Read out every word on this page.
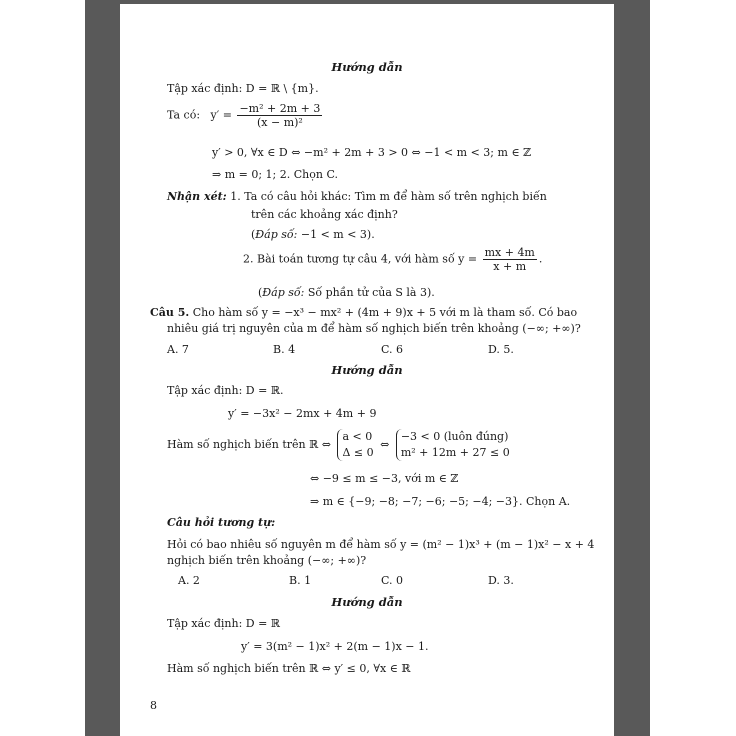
Hướng dẫn
Tập xác định: D = ℝ \ {m}.
Ta có: $y' = \frac{\text{−m² + 2m + 3}}{\text{(x − m)²}}$
y′ > 0, ∀x ∈ D ⇔ −m² + 2m + 3 > 0 ⇔ −1 < m < 3; m ∈ ℤ
⇒ m = 0; 1; 2. Chọn C.
Nhận xét: 1. Ta có câu hỏi khác: Tìm m để hàm số trên nghịch biến
trên các khoảng xác định?
(Đáp số: −1 < m < 3).
2. Bài toán tương tự câu 4, với hàm số $y = \frac{mx + 4m}{x + m}$ .
(Đáp số: Số phần tử của S là 3).
Câu 5. Cho hàm số y = −x³ − mx² + (4m + 9)x + 5 với m là tham số. Có bao
nhiêu giá trị nguyên của m để hàm số nghịch biến trên khoảng (−∞; +∞)?
A. 7	B. 4	C. 6	D. 5.
Hướng dẫn
Tập xác định: D = ℝ.
y′ = −3x² − 2mx + 4m + 9
Hàm số nghịch biến trên ℝ ⇔
a < 0
Δ ≤ 0
⇔
−3 < 0 (luôn đúng)
m² + 12m + 27 ≤ 0
⇔ −9 ≤ m ≤ −3, với m ∈ ℤ
⇒ m ∈ {−9; −8; −7; −6; −5; −4; −3}. Chọn A.
Câu hỏi tương tự:
Hỏi có bao nhiêu số nguyên m để hàm số y = (m² − 1)x³ + (m − 1)x² − x + 4
nghịch biến trên khoảng (−∞; +∞)?
A. 2	B. 1	C. 0	D. 3.
Hướng dẫn
Tập xác định: D = ℝ
y′ = 3(m² − 1)x² + 2(m − 1)x − 1.
Hàm số nghịch biến trên ℝ ⇔ y′ ≤ 0, ∀x ∈ ℝ
8
